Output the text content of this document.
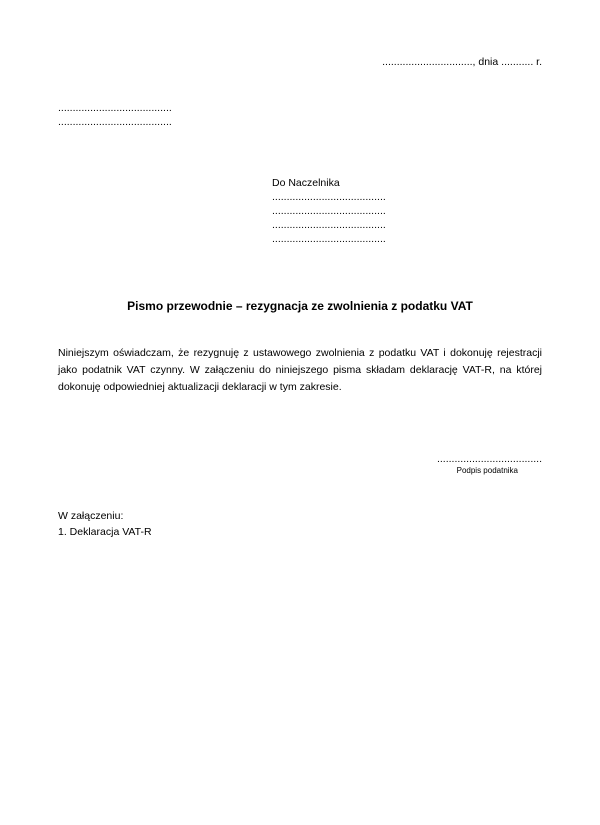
..............................., dnia ........... r.
.......................................
.......................................
Do Naczelnika
.......................................
.......................................
.......................................
.......................................
Pismo przewodnie – rezygnacja ze zwolnienia z podatku VAT
Niniejszym oświadczam, że rezygnuję z ustawowego zwolnienia z podatku VAT i dokonuję rejestracji jako podatnik VAT czynny. W załączeniu do niniejszego pisma składam deklarację VAT-R, na której dokonuję odpowiedniej aktualizacji deklaracji w tym zakresie.
....................................
Podpis podatnika
W załączeniu:
1. Deklaracja VAT-R
